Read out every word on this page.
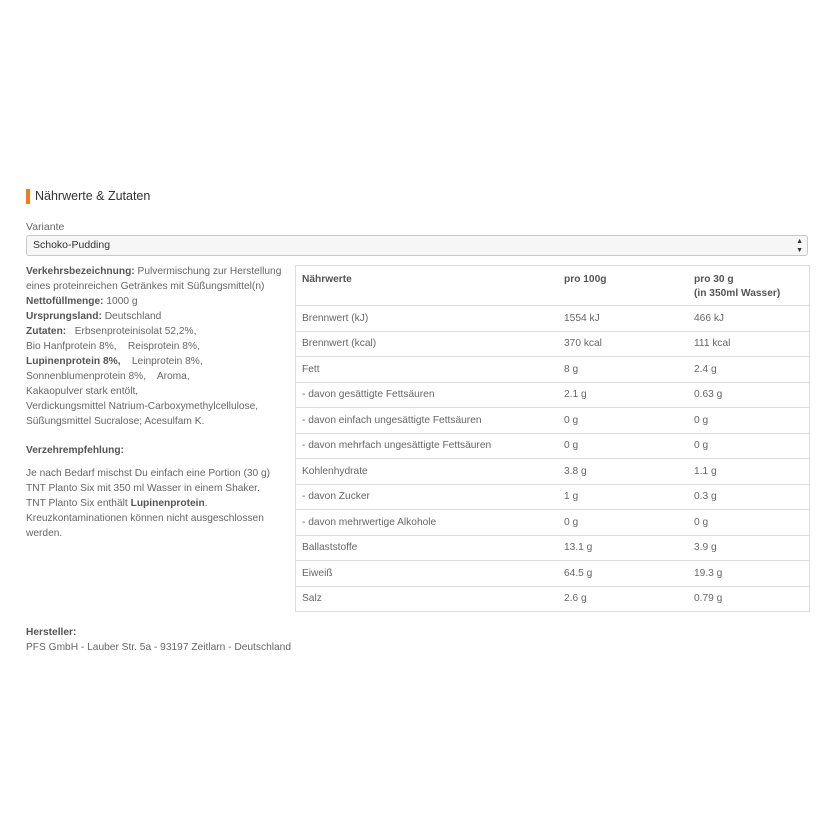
Nährwerte & Zutaten
Variante
Schoko-Pudding	▲
▼

Verkehrsbezeichnung: Pulvermischung zur Herstellung eines proteinreichen Getränkes mit Süßungsmittel(n)

Nettofüllmenge: 1000 g

Ursprungsland: Deutschland

Zutaten: Erbsenproteinisolat 52,2%,
Bio Hanfprotein 8%,    Reisprotein 8%,
Lupinenprotein 8%, Leinprotein 8%,
Sonnenblumenprotein 8%,    Aroma,
Kakaopulver stark entölt,
Verdickungsmittel Natrium-Carboxymethylcellulose,
Süßungsmittel Sucralose; Acesulfam K.

Verzehrempfehlung:

Je nach Bedarf mischst Du einfach eine Portion (30 g) TNT Planto Six mit 350 ml Wasser in einem Shaker.

TNT Planto Six enthält Lupinenprotein. Kreuzkontaminationen können nicht ausgeschlossen werden.

Nährwerte	pro 100g	pro 30 g
(in 350ml Wasser)
Brennwert (kJ)	1554 kJ	466 kJ
Brennwert (kcal)	370 kcal	111 kcal
Fett	8 g	2.4 g
- davon gesättigte Fettsäuren	2.1 g	0.63 g
- davon einfach ungesättigte Fettsäuren	0 g	0 g
- davon mehrfach ungesättigte Fettsäuren	0 g	0 g
Kohlenhydrate	3.8 g	1.1 g
- davon Zucker	1 g	0.3 g
- davon mehrwertige Alkohole	0 g	0 g
Ballaststoffe	13.1 g	3.9 g
Eiweiß	64.5 g	19.3 g
Salz	2.6 g	0.79 g
Hersteller:
PFS GmbH - Lauber Str. 5a - 93197 Zeitlarn - Deutschland
